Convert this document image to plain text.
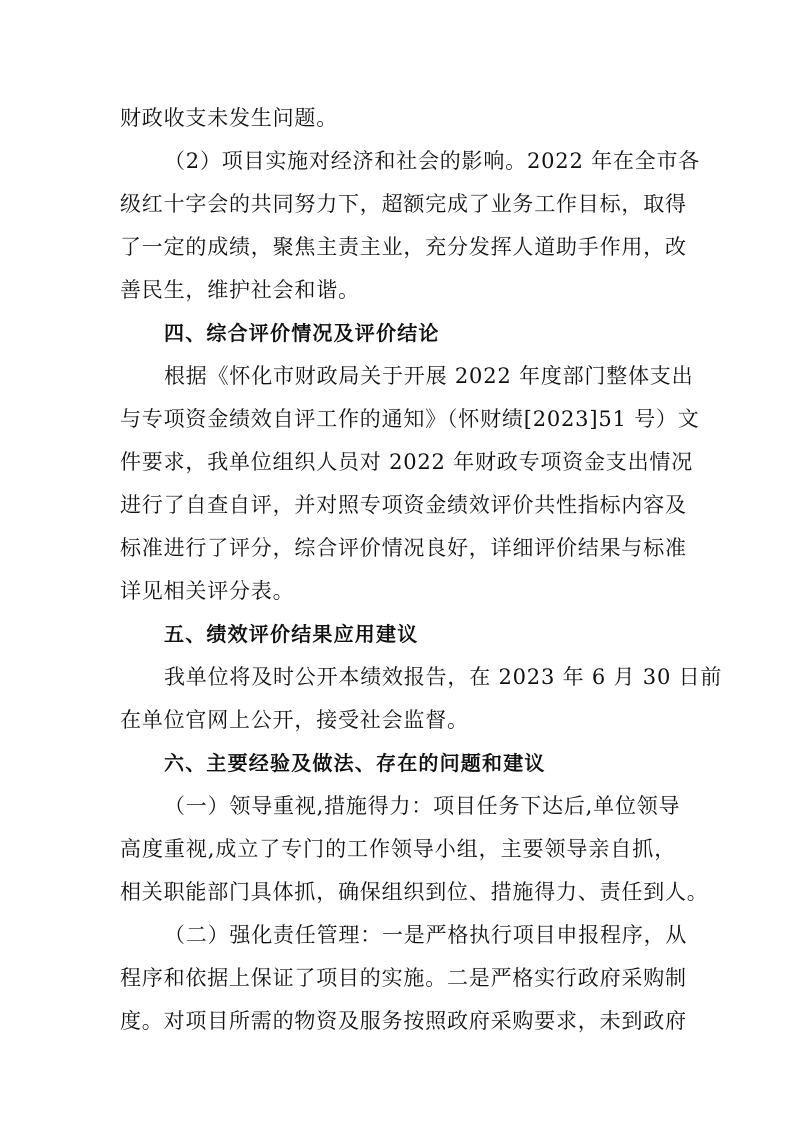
财政收支未发生问题。
（2）项目实施对经济和社会的影响。2022 年在全市各
级红十字会的共同努力下，超额完成了业务工作目标，取得
了一定的成绩，聚焦主责主业，充分发挥人道助手作用，改
善民生，维护社会和谐。
四、综合评价情况及评价结论
根据《怀化市财政局关于开展 2022 年度部门整体支出
与专项资金绩效自评工作的通知》（怀财绩[2023]51 号）文
件要求，我单位组织人员对 2022 年财政专项资金支出情况
进行了自查自评，并对照专项资金绩效评价共性指标内容及
标准进行了评分，综合评价情况良好，详细评价结果与标准
详见相关评分表。
五、绩效评价结果应用建议
我单位将及时公开本绩效报告，在 2023 年 6 月 30 日前
在单位官网上公开，接受社会监督。
六、主要经验及做法、存在的问题和建议
（一）领导重视,措施得力：项目任务下达后,单位领导
高度重视,成立了专门的工作领导小组，主要领导亲自抓，
相关职能部门具体抓，确保组织到位、措施得力、责任到人。
（二）强化责任管理：一是严格执行项目申报程序，从
程序和依据上保证了项目的实施。二是严格实行政府采购制
度。对项目所需的物资及服务按照政府采购要求，未到政府
